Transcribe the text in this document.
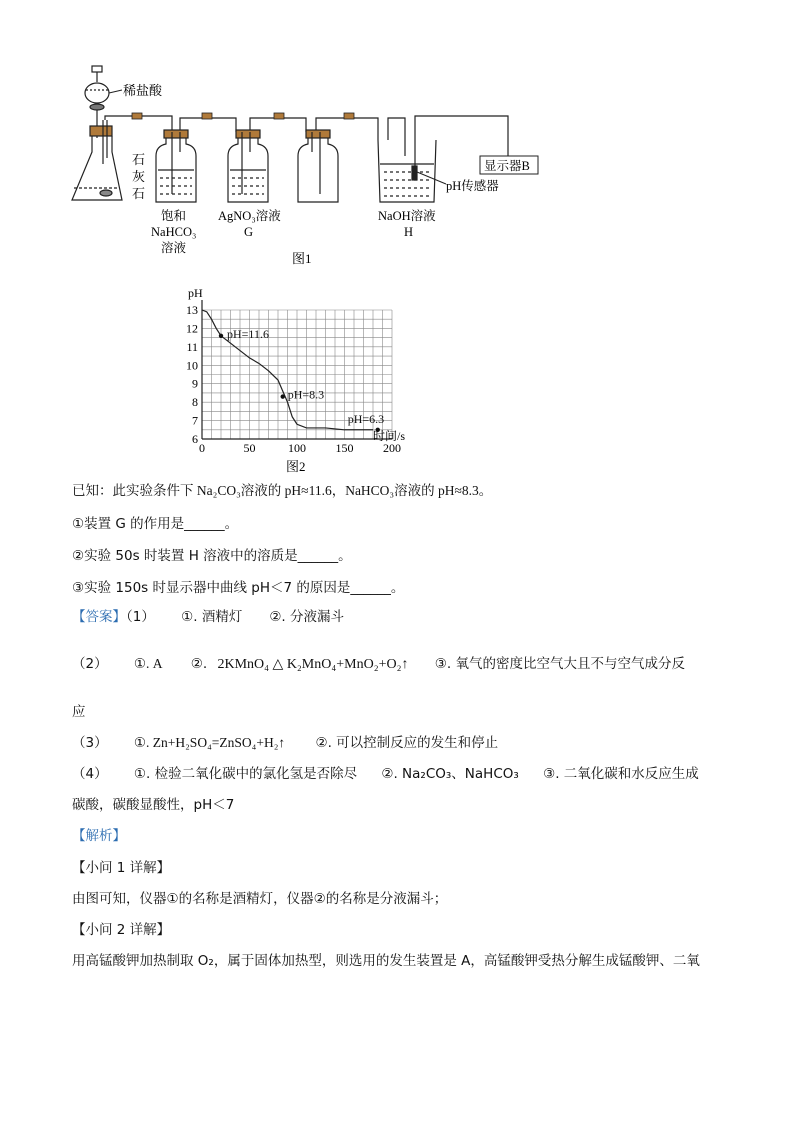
稀盐酸
石
灰
石
pH传感器
显示器B
饱和
NaHCO₃
溶液
AgNO₃溶液
G
NaOH溶液
H
图1
0	50	100 150 200
6
7
8
9
10
11
12
13
pH=11.6
pH=8.3
pH=6.3
pH
时间/s
图2
已知：此实验条件下 Na₂CO₃溶液的 pH≈11.6，NaHCO₃溶液的 pH≈8.3。
①装置 G 的作用是______。
②实验 50s 时装置 H 溶液中的溶质是______。
③实验 150s 时显示器中曲线 pH＜7 的原因是______。
【答案】（1） ①. 酒精灯　　②. 分液漏斗
（2） ①. A ②. 2KMnO₄ △ K₂MnO₄+MnO₂+O₂↑ ③. 氧气的密度比空气大且不与空气成分反
应
（3） ①. Zn+H₂SO₄=ZnSO₄+H₂↑ ②. 可以控制反应的发生和停止
（4） ①. 检验二氧化碳中的氯化氢是否除尽 ②. Na₂CO₃、NaHCO₃ ③. 二氧化碳和水反应生成
碳酸，碳酸显酸性，pH＜7
【解析】
【小问 1 详解】
由图可知，仪器①的名称是酒精灯，仪器②的名称是分液漏斗；
【小问 2 详解】
用高锰酸钾加热制取 O₂，属于固体加热型，则选用的发生装置是 A，高锰酸钾受热分解生成锰酸钾、二氧
